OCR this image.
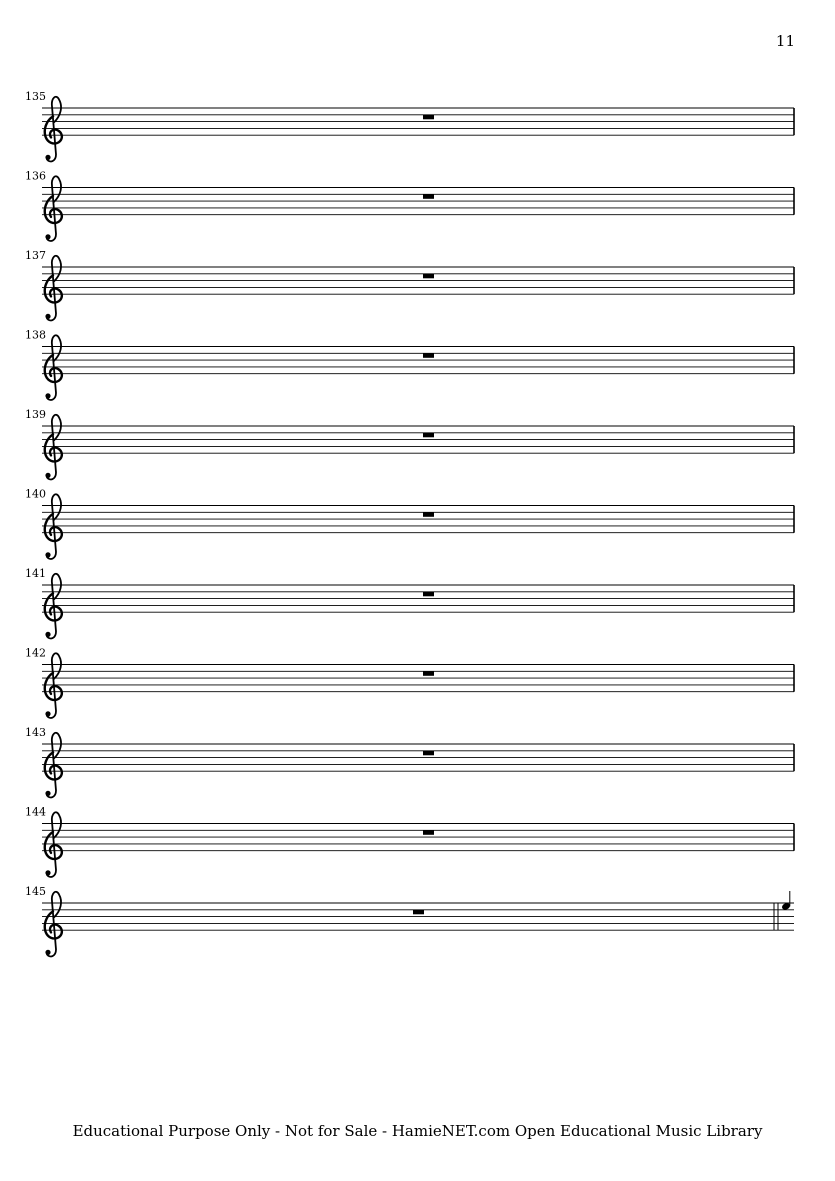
11
135
136
137
138
139
140
141
142
143
144
145
Educational Purpose Only - Not for Sale - HamieNET.com Open Educational Music Library
